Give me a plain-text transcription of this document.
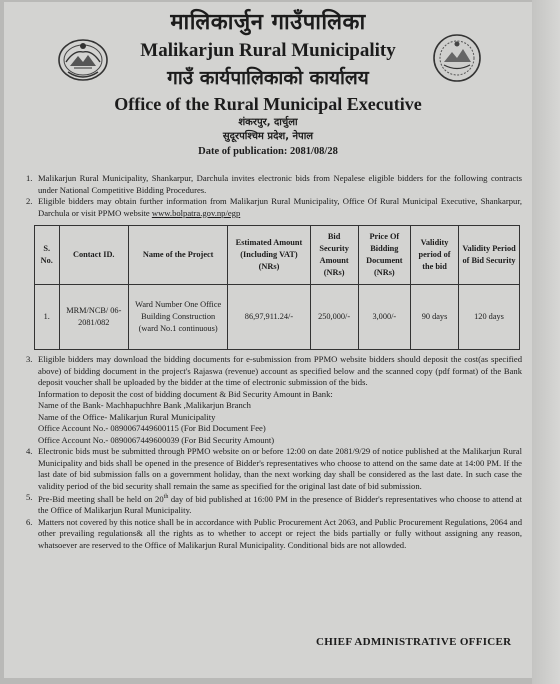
मालिकार्जुन गाउँपालिका
Malikarjun Rural Municipality
गाउँ कार्यपालिकाको कार्यालय
Office of the Rural Municipal Executive
शंकरपुर, दार्चुला
सुदूरपश्चिम प्रदेश, नेपाल
Date of publication: 2081/08/28
1. Malikarjun Rural Municipality, Shankarpur, Darchula invites electronic bids from Nepalese eligible bidders for the following contracts under National Competitive Bidding Procedures.
2. Eligible bidders may obtain further information from Malikarjun Rural Municipality, Office Of Rural Municipal Executive, Shankarpur, Darchula or visit PPMO website www.bolpatra.gov.np/egp
S. No.	Contact ID.	Name of the Project	Estimated Amount (Including VAT) (NRs)	Bid Security Amount (NRs)	Price Of Bidding Document (NRs)	Validity period of the bid	Validity Period of Bid Security
1.	MRM/NCB/ 06-2081/082	Ward Number One Office Building Construction (ward No.1 continuous)	86,97,911.24/-	250,000/-	3,000/-	90 days	120 days
3. Eligible bidders may download the bidding documents for e-submission from PPMO website bidders should deposit the cost(as specified above) of bidding document in the project's Rajaswa (revenue) account as specified below and the scanned copy (pdf format) of the Bank deposit voucher shall be uploaded by the bidder at the time of electronic submission of the bids.
Information to deposit the cost of bidding document & Bid Security Amount in Bank:
Name of the Bank- Machhapuchhre Bank ,Malikarjun Branch
Name of the Office- Malikarjun Rural Municipality
Office Account No.- 0890067449600115 (For Bid Document Fee)
Office Account No.- 0890067449600039 (For Bid Security Amount)
4. Electronic bids must be submitted through PPMO website on or before 12:00 on date 2081/9/29 of notice published at the Malikarjun Rural Municipality and bids shall be opened in the presence of Bidder's representatives who choose to attend on the same date at 14:00 PM. If the last date of bid submission falls on a government holiday, than the next working day shall be considered as the last date. In such case the validity period of the bid security shall remain the same as specified for the original last date of bid submission.
5. Pre-Bid meeting shall be held on 20th day of bid published at 16:00 PM in the presence of Bidder's representatives who choose to attend at the Office of Malikarjun Rural Municipality.
6. Matters not covered by this notice shall be in accordance with Public Procurement Act 2063, and Public Procurement Regulations, 2064 and other prevailing regulations& all the rights as to whether to accept or reject the bids partially or fully without assigning any reason, whatsoever are reserved to the Office of Malikarjun Rural Municipality. Conditional bids are not allowded.
CHIEF ADMINISTRATIVE OFFICER
